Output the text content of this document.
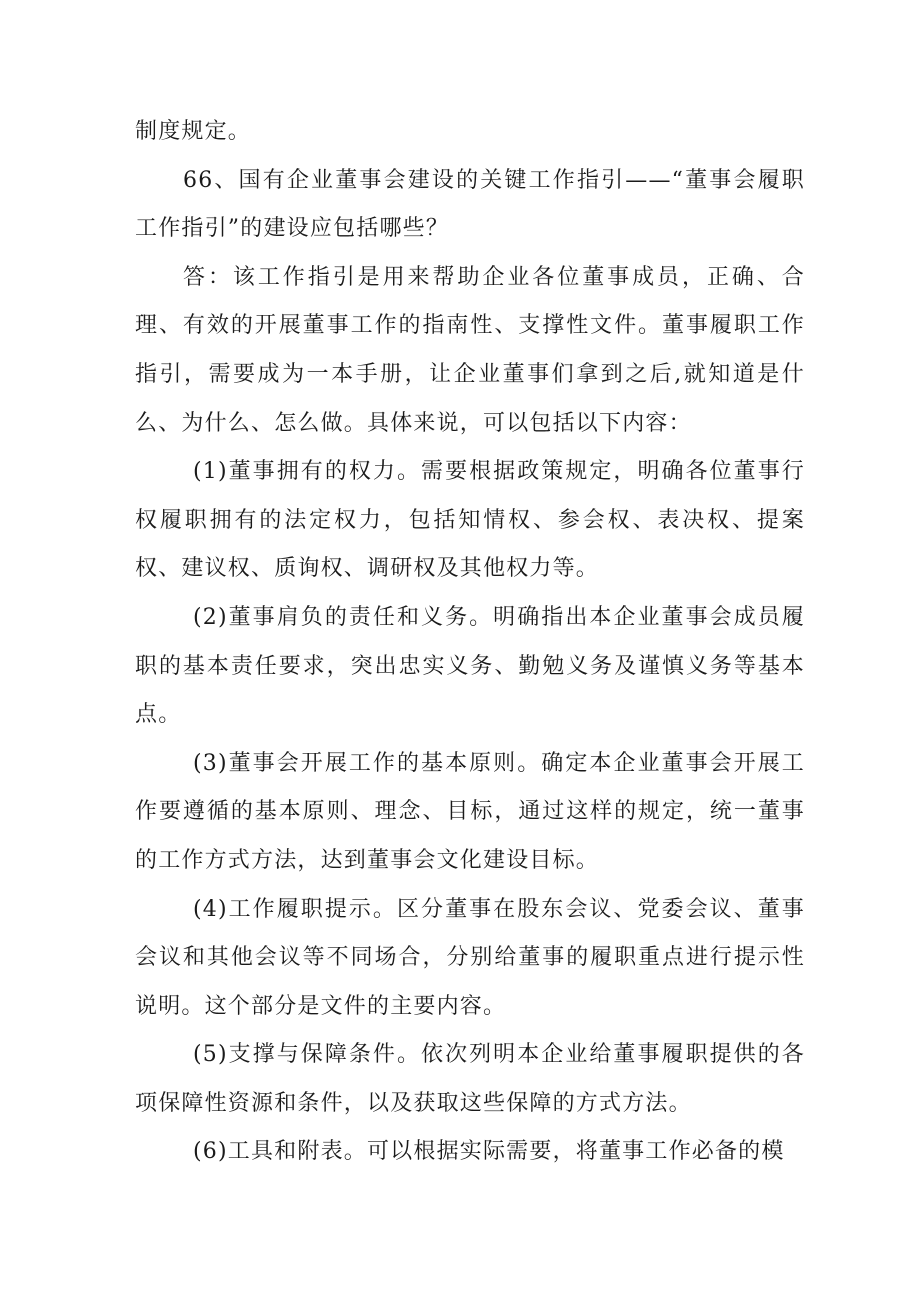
制度规定。

66、国有企业董事会建设的关键工作指引——“董事会履职工作指引”的建设应包括哪些？

答：该工作指引是用来帮助企业各位董事成员，正确、合理、有效的开展董事工作的指南性、支撑性文件。董事履职工作指引，需要成为一本手册，让企业董事们拿到之后,就知道是什么、为什么、怎么做。具体来说，可以包括以下内容：

(1)董事拥有的权力。需要根据政策规定，明确各位董事行权履职拥有的法定权力，包括知情权、参会权、表决权、提案权、建议权、质询权、调研权及其他权力等。

(2)董事肩负的责任和义务。明确指出本企业董事会成员履职的基本责任要求，突出忠实义务、勤勉义务及谨慎义务等基本点。

(3)董事会开展工作的基本原则。确定本企业董事会开展工作要遵循的基本原则、理念、目标，通过这样的规定，统一董事的工作方式方法，达到董事会文化建设目标。

(4)工作履职提示。区分董事在股东会议、党委会议、董事会议和其他会议等不同场合，分别给董事的履职重点进行提示性说明。这个部分是文件的主要内容。

(5)支撑与保障条件。依次列明本企业给董事履职提供的各项保障性资源和条件，以及获取这些保障的方式方法。

(6)工具和附表。可以根据实际需要，将董事工作必备的模
